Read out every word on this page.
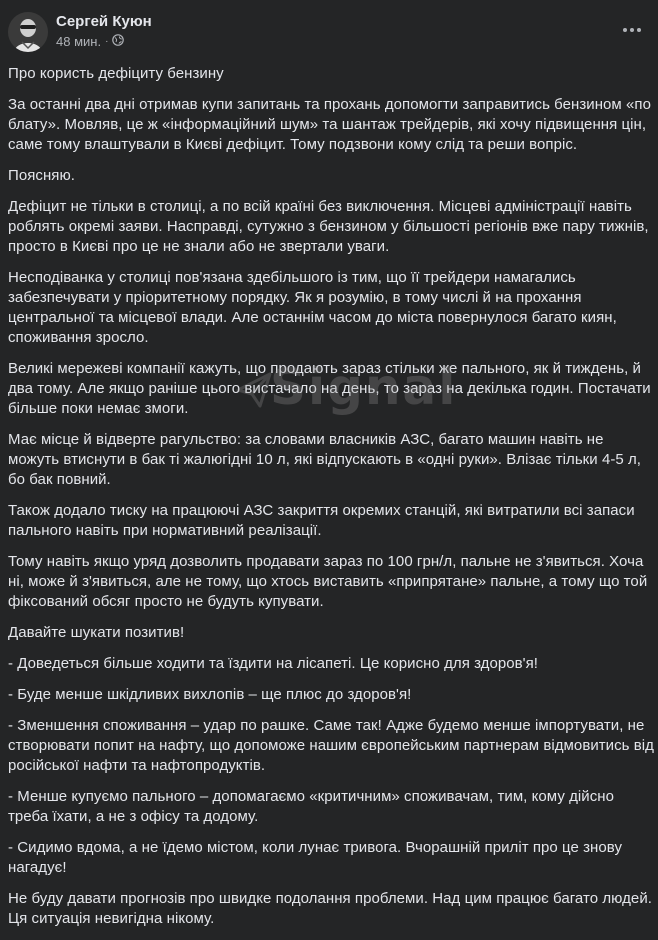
Сергей Куюн
48 мин. ·

Про користь дефіциту бензину

За останні два дні отримав купи запитань та прохань допомогти заправитись бензином «по блату». Мовляв, це ж «інформаційний шум» та шантаж трейдерів, які хочу підвищення цін, саме тому влаштували в Києві дефіцит. Тому подзвони кому слід та реши вопріс.

Поясняю.

Дефіцит не тільки в столиці, а по всій країні без виключення. Місцеві адміністрації навіть роблять окремі заяви. Насправді, сутужно з бензином у більшості регіонів вже пару тижнів, просто в Києві про це не знали або не звертали уваги.

Несподіванка у столиці пов'язана здебільшого із тим, що її трейдери намагались забезпечувати у пріоритетному порядку. Як я розумію, в тому числі й на прохання центральної та місцевої влади. Але останнім часом до міста повернулося багато киян, споживання зросло.

Великі мережеві компанії кажуть, що продають зараз стільки же пального, як й тиждень, й два тому. Але якщо раніше цього вистачало на день, то зараз на декілька годин. Постачати більше поки немає змоги.

Має місце й відверте рагульство: за словами власників АЗС, багато машин навіть не можуть втиснути в бак ті жалюгідні 10 л, які відпускають в «одні руки». Влізає тільки 4-5 л, бо бак повний.

Також додало тиску на працюючі АЗС закриття окремих станцій, які витратили всі запаси пального навіть при нормативний реалізації.

Тому навіть якщо уряд дозволить продавати зараз по 100 грн/л, пальне не з'явиться. Хоча ні, може й з'явиться, але не тому, що хтось виставить «припрятане» пальне, а тому що той фіксований обсяг просто не будуть купувати.

Давайте шукати позитив!

- Доведеться більше ходити та їздити на лісапеті. Це корисно для здоров'я!

- Буде менше шкідливих вихлопів – ще плюс до здоров'я!

- Зменшення споживання – удар по рашке. Саме так! Адже будемо менше імпортувати, не створювати попит на нафту, що допоможе нашим європейським партнерам відмовитись від російської нафти та нафтопродуктів.

- Менше купуємо пального – допомагаємо «критичним» споживачам, тим, кому дійсно треба їхати, а не з офісу та додому.

- Сидимо вдома, а не їдемо містом, коли лунає тривога. Вчорашній приліт про це знову нагадує!

Не буду давати прогнозів про швидке подолання проблеми. Над цим працює багато людей. Ця ситуація невигідна нікому.

Signal
